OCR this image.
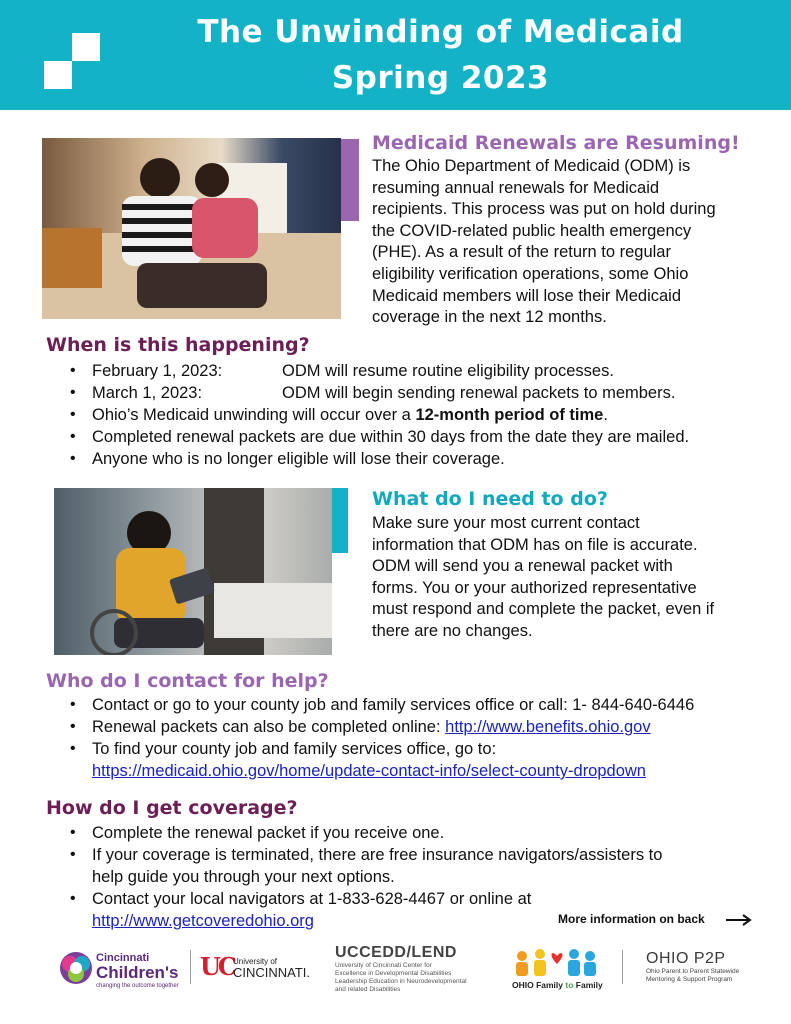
The Unwinding of Medicaid
Spring 2023
Medicaid Renewals are Resuming!
The Ohio Department of Medicaid (ODM) is
resuming annual renewals for Medicaid
recipients. This process was put on hold during
the COVID-related public health emergency
(PHE). As a result of the return to regular
eligibility verification operations, some Ohio
Medicaid members will lose their Medicaid
coverage in the next 12 months.
When is this happening?
• February 1, 2023:	ODM will resume routine eligibility processes.
• March 1, 2023:	ODM will begin sending renewal packets to members.
• Ohio’s Medicaid unwinding will occur over a 12-month period of time.
• Completed renewal packets are due within 30 days from the date they are mailed.
• Anyone who is no longer eligible will lose their coverage.
What do I need to do?
Make sure your most current contact
information that ODM has on file is accurate.
ODM will send you a renewal packet with
forms. You or your authorized representative
must respond and complete the packet, even if
there are no changes.
Who do I contact for help?
• Contact or go to your county job and family services office or call: 1- 844-640-6446
• Renewal packets can also be completed online: http://www.benefits.ohio.gov
• To find your county job and family services office, go to:
https://medicaid.ohio.gov/home/update-contact-info/select-county-dropdown
How do I get coverage?
• Complete the renewal packet if you receive one.
• If your coverage is terminated, there are free insurance navigators/assisters to
help guide you through your next options.
• Contact your local navigators at 1-833-628-4467 or online at
http://www.getcoveredohio.org	More information on back
Cincinnati
Children's
changing the outcome together
UC
University of
CINCINNATI.
UCCEDD/LEND
University of Cincinnati Center for
Excellence in Developmental Disabilities
Leadership Education in Neurodevelopmental
and related Disabilities	OHIO Family to Family
OHIO P2P
Ohio Parent to Parent Statewide
Mentoring & Support Program
